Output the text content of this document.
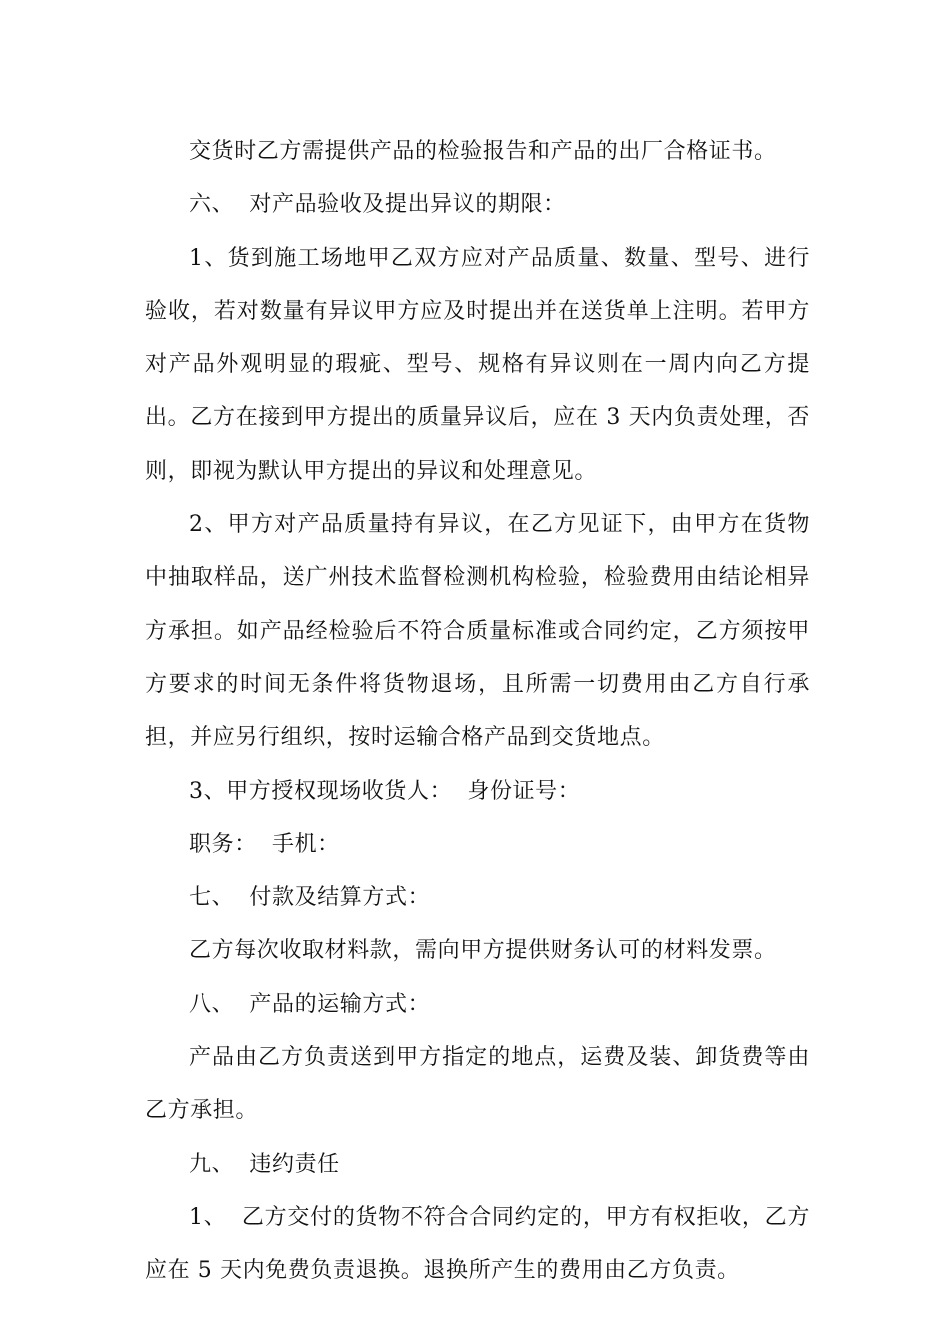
交货时乙方需提供产品的检验报告和产品的出厂合格证书。

六、  对产品验收及提出异议的期限：

1、货到施工场地甲乙双方应对产品质量、数量、型号、进行验收，若对数量有异议甲方应及时提出并在送货单上注明。若甲方对产品外观明显的瑕疵、型号、规格有异议则在一周内向乙方提出。乙方在接到甲方提出的质量异议后，应在 3 天内负责处理，否则，即视为默认甲方提出的异议和处理意见。

2、甲方对产品质量持有异议，在乙方见证下，由甲方在货物中抽取样品，送广州技术监督检测机构检验，检验费用由结论相异方承担。如产品经检验后不符合质量标准或合同约定，乙方须按甲方要求的时间无条件将货物退场，且所需一切费用由乙方自行承担，并应另行组织，按时运输合格产品到交货地点。

3、甲方授权现场收货人：  身份证号：

职务：  手机：

七、  付款及结算方式：

乙方每次收取材料款，需向甲方提供财务认可的材料发票。

八、  产品的运输方式：

产品由乙方负责送到甲方指定的地点，运费及装、卸货费等由乙方承担。

九、  违约责任

1、  乙方交付的货物不符合合同约定的，甲方有权拒收，乙方应在 5 天内免费负责退换。退换所产生的费用由乙方负责。
